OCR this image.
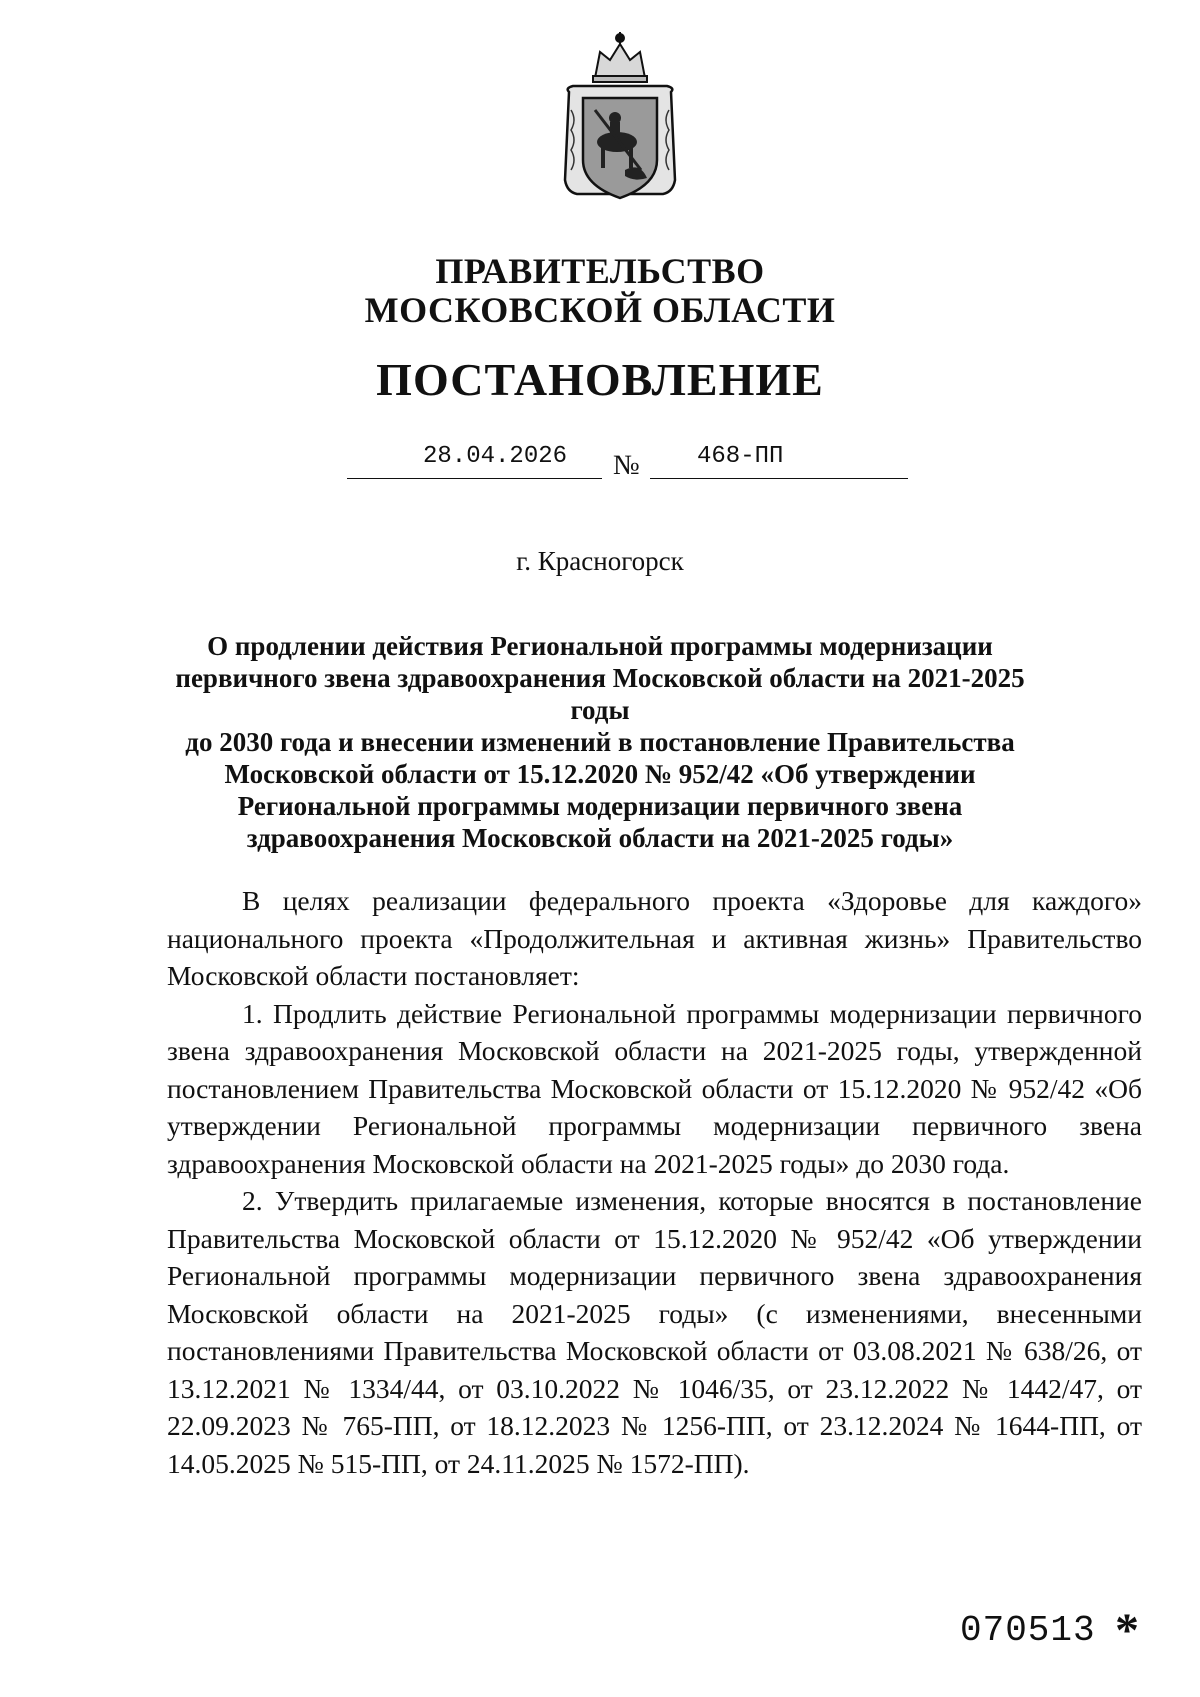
ПРАВИТЕЛЬСТВО
МОСКОВСКОЙ ОБЛАСТИ
ПОСТАНОВЛЕНИЕ
28.04.2026	№ 468-ПП
г. Красногорск
О продлении действия Региональной программы модернизации
первичного звена здравоохранения Московской области на 2021-2025 годы
до 2030 года и внесении изменений в постановление Правительства
Московской области от 15.12.2020 № 952/42 «Об утверждении
Региональной программы модернизации первичного звена
здравоохранения Московской области на 2021-2025 годы»

В целях реализации федерального проекта «Здоровье для каждого» национального проекта «Продолжительная и активная жизнь» Правительство Московской области постановляет:

1. Продлить действие Региональной программы модернизации первичного звена здравоохранения Московской области на 2021-2025 годы, утвержденной постановлением Правительства Московской области от 15.12.2020 № 952/42 «Об утверждении Региональной программы модернизации первичного звена здравоохранения Московской области на 2021-2025 годы» до 2030 года.

2. Утвердить прилагаемые изменения, которые вносятся в постановление Правительства Московской области от 15.12.2020 № 952/42 «Об утверждении Региональной программы модернизации первичного звена здравоохранения Московской области на 2021-2025 годы» (с изменениями, внесенными постановлениями Правительства Московской области от 03.08.2021 № 638/26, от 13.12.2021 № 1334/44, от 03.10.2022 № 1046/35, от 23.12.2022 № 1442/47, от 22.09.2023 № 765-ПП, от 18.12.2023 № 1256-ПП, от 23.12.2024 № 1644-ПП, от 14.05.2025 № 515-ПП, от 24.11.2025 № 1572-ПП).

070513 *
